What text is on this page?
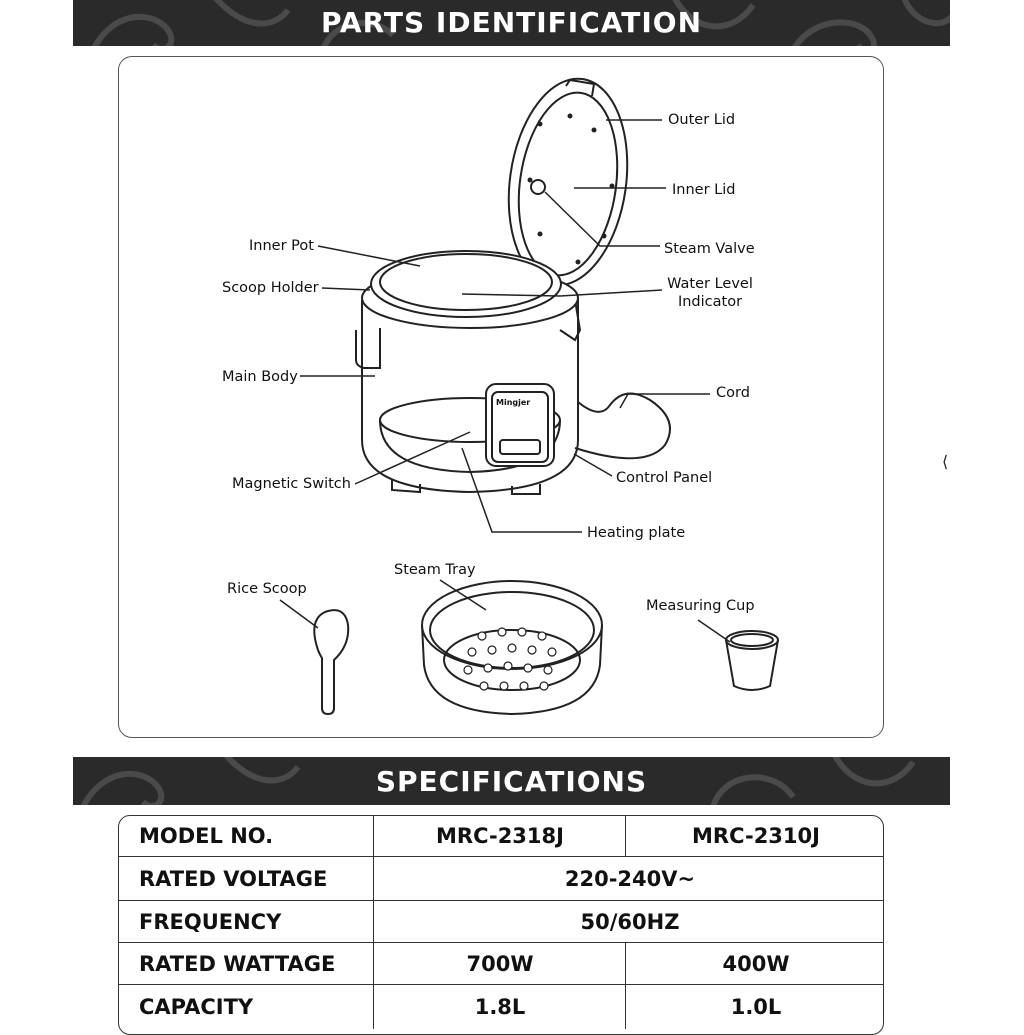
PARTS IDENTIFICATION
Mingjer
Outer Lid
Inner Lid
Steam Valve
Water Level
Indicator
Inner Pot
Scoop Holder
Main Body
Cord
Magnetic Switch	Control Panel
Heating plate
Rice Scoop
Steam Tray
Measuring Cup
⟨
SPECIFICATIONS
MODEL NO.	MRC-2318J	MRC-2310J
RATED VOLTAGE	220-240V~
FREQUENCY	50/60HZ
RATED WATTAGE	700W	400W
CAPACITY	1.8L	1.0L
